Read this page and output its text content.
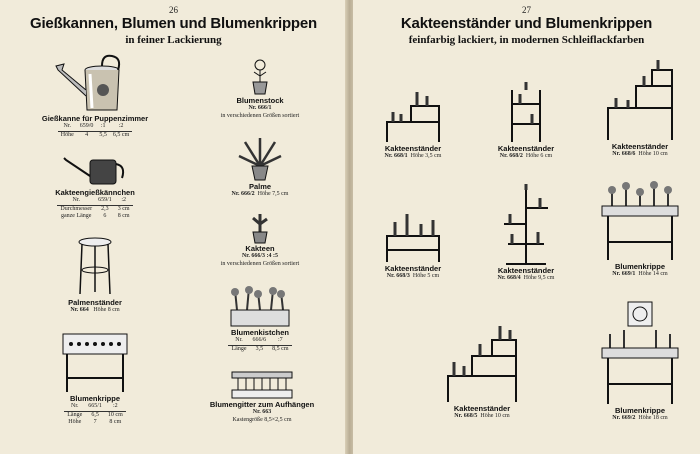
26
Gießkannen, Blumen und Blumenkrippen
in feiner Lackierung
Gießkanne für Puppenzimmer
Nr.	659/0	:1	:2
Höhe	4	5,5	6,5 cm
Kakteengießkännchen
Nr.	659/1	:2
Durchmesser	2,3	3 cm
ganze Länge	6	8 cm
Palmenständer
Nr. 664 Höhe 8 cm
Blumenkrippe
Nr.	665/1	:2
Länge	6,5	10 cm
Höhe	7	8 cm
Blumenstock
Nr. 666/1
in verschiedenen Größen sortiert
Palme
Nr. 666/2 Höhe 7,5 cm
Kakteen
Nr. 666/3 :4 :5
in verschiedenen Größen sortiert
Blumenkistchen
Nr.	666/6	:7
Länge	3,5	8,5 cm
Blumengitter zum Aufhängen
Nr. 663
Kastengröße 8,5×2,5 cm
27
Kakteenständer und Blumenkrippen
feinfarbig lackiert, in modernen Schleiflackfarben
Kakteenständer
Nr. 668/1 Höhe 3,5 cm
Kakteenständer
Nr. 668/2 Höhe 6 cm
Kakteenständer
Nr. 668/6 Höhe 10 cm
Kakteenständer
Nr. 668/3 Höhe 5 cm
Kakteenständer
Nr. 668/4 Höhe 9,5 cm
Blumenkrippe
Nr. 669/1 Höhe 14 cm
Kakteenständer
Nr. 668/5 Höhe 10 cm
Blumenkrippe
Nr. 669/2 Höhe 18 cm
